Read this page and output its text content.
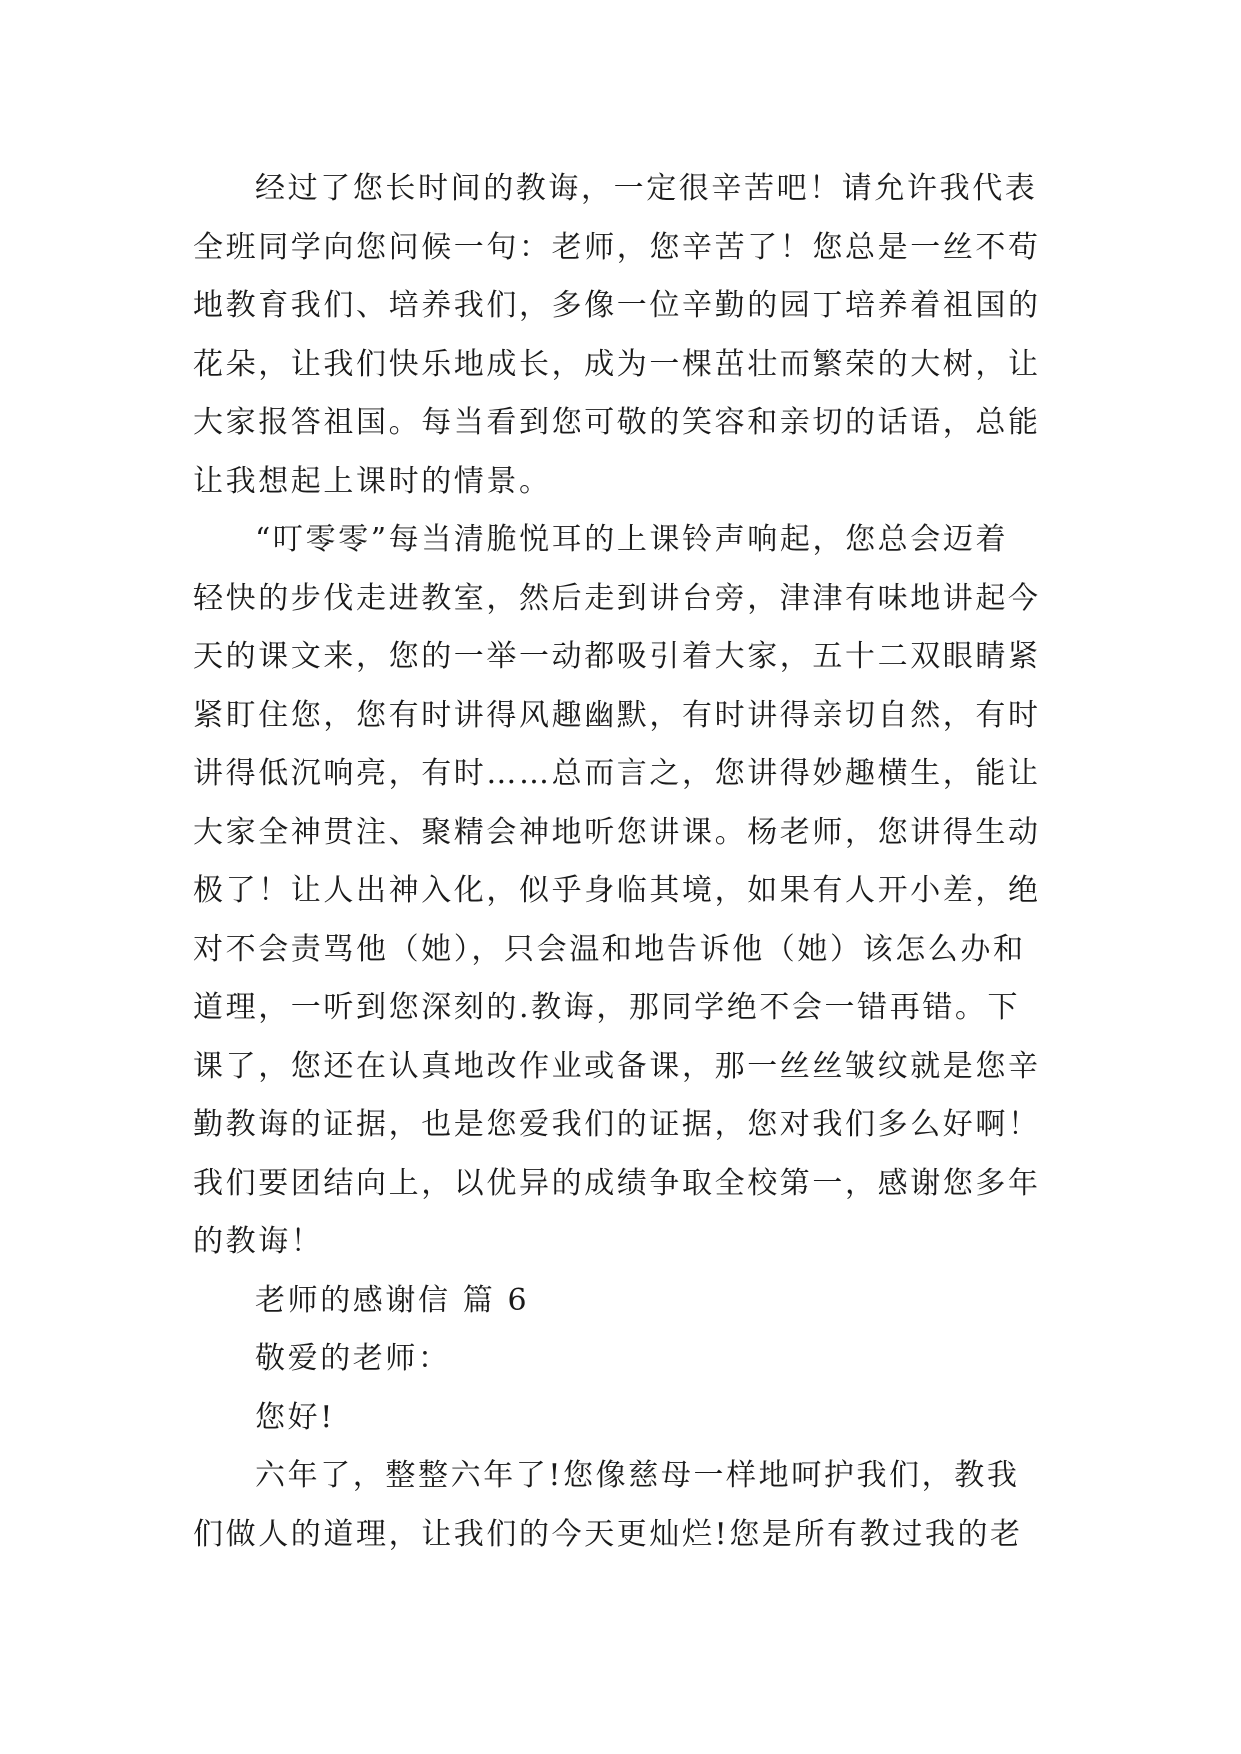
经过了您长时间的教诲，一定很辛苦吧！请允许我代表
全班同学向您问候一句：老师，您辛苦了！您总是一丝不苟
地教育我们、培养我们，多像一位辛勤的园丁培养着祖国的
花朵，让我们快乐地成长，成为一棵茁壮而繁荣的大树，让
大家报答祖国。每当看到您可敬的笑容和亲切的话语，总能
让我想起上课时的情景。
“叮零零”每当清脆悦耳的上课铃声响起，您总会迈着
轻快的步伐走进教室，然后走到讲台旁，津津有味地讲起今
天的课文来，您的一举一动都吸引着大家，五十二双眼睛紧
紧盯住您，您有时讲得风趣幽默，有时讲得亲切自然，有时
讲得低沉响亮，有时……总而言之，您讲得妙趣横生，能让
大家全神贯注、聚精会神地听您讲课。杨老师，您讲得生动
极了！让人出神入化，似乎身临其境，如果有人开小差，绝
对不会责骂他（她），只会温和地告诉他（她）该怎么办和
道理，一听到您深刻的.教诲，那同学绝不会一错再错。下
课了，您还在认真地改作业或备课，那一丝丝皱纹就是您辛
勤教诲的证据，也是您爱我们的证据，您对我们多么好啊！
我们要团结向上，以优异的成绩争取全校第一，感谢您多年
的教诲！
老师的感谢信 篇 6
敬爱的老师：
您好!
六年了，整整六年了!您像慈母一样地呵护我们，教我
们做人的道理，让我们的今天更灿烂!您是所有教过我的老
